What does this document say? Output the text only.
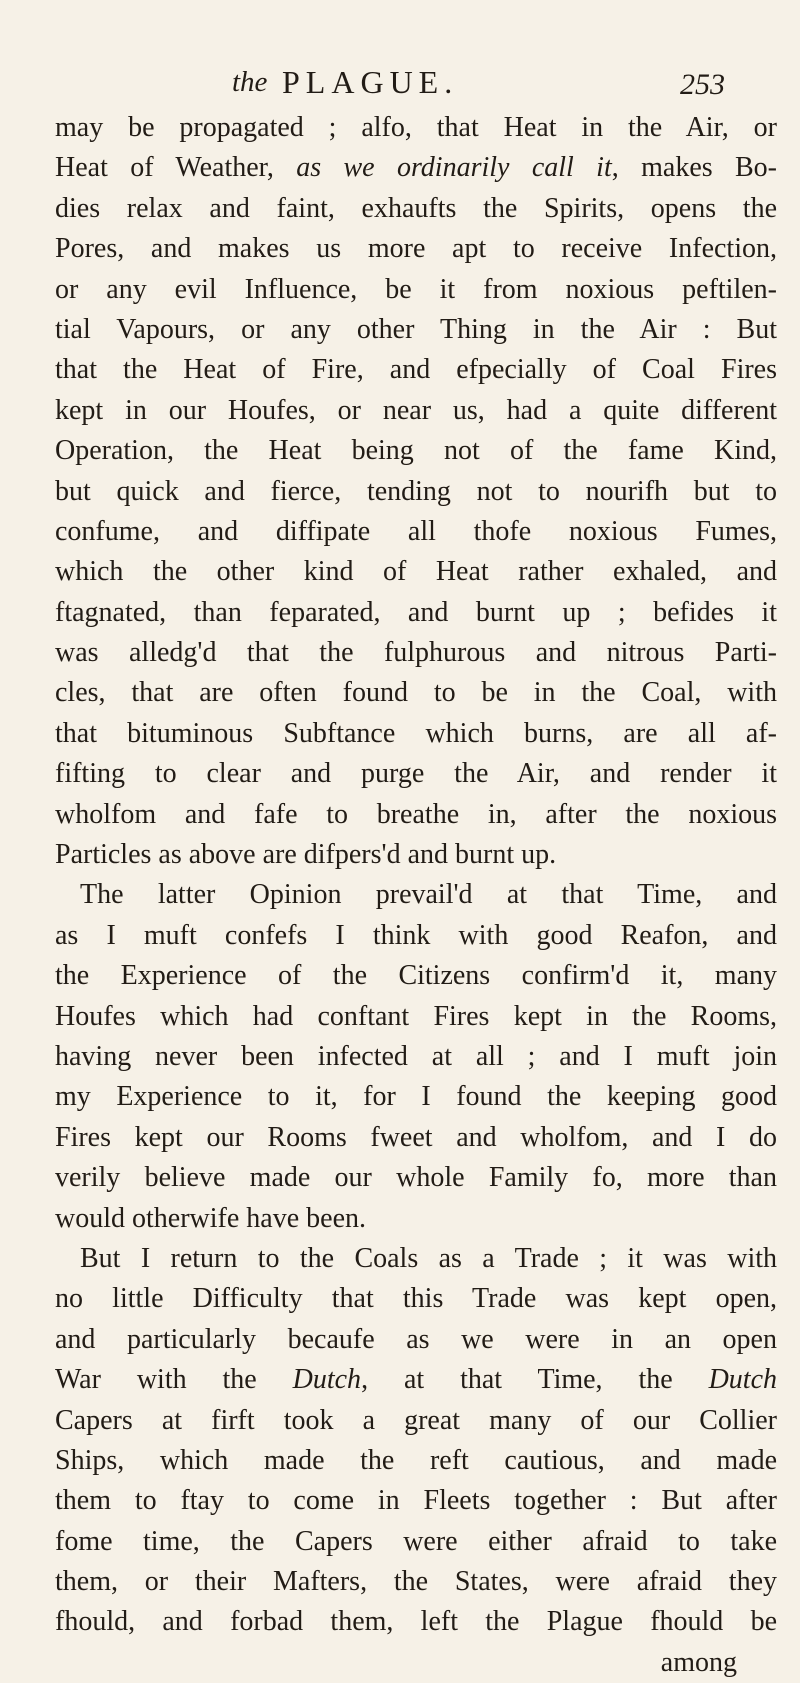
the PLAGUE.	253
may be propagated ; alfo, that Heat in the Air, or
Heat of Weather, as we ordinarily call it, makes Bo-
dies relax and faint, exhaufts the Spirits, opens the
Pores, and makes us more apt to receive Infection,
or any evil Influence, be it from noxious peftilen-
tial Vapours, or any other Thing in the Air : But
that the Heat of Fire, and efpecially of Coal Fires
kept in our Houfes, or near us, had a quite different
Operation, the Heat being not of the fame Kind,
but quick and fierce, tending not to nourifh but to
confume, and diffipate all thofe noxious Fumes,
which the other kind of Heat rather exhaled, and
ftagnated, than feparated, and burnt up ; befides it
was alledg'd that the fulphurous and nitrous Parti-
cles, that are often found to be in the Coal, with
that bituminous Subftance which burns, are all af-
fifting to clear and purge the Air, and render it
wholfom and fafe to breathe in, after the noxious
Particles as above are difpers'd and burnt up.
The latter Opinion prevail'd at that Time, and
as I muft confefs I think with good Reafon, and
the Experience of the Citizens confirm'd it, many
Houfes which had conftant Fires kept in the Rooms,
having never been infected at all ; and I muft join
my Experience to it, for I found the keeping good
Fires kept our Rooms fweet and wholfom, and I do
verily believe made our whole Family fo, more than
would otherwife have been.
But I return to the Coals as a Trade ; it was with
no little Difficulty that this Trade was kept open,
and particularly becaufe as we were in an open
War with the Dutch, at that Time, the Dutch
Capers at firft took a great many of our Collier
Ships, which made the reft cautious, and made
them to ftay to come in Fleets together : But after
fome time, the Capers were either afraid to take
them, or their Mafters, the States, were afraid they
fhould, and forbad them, left the Plague fhould be
among
